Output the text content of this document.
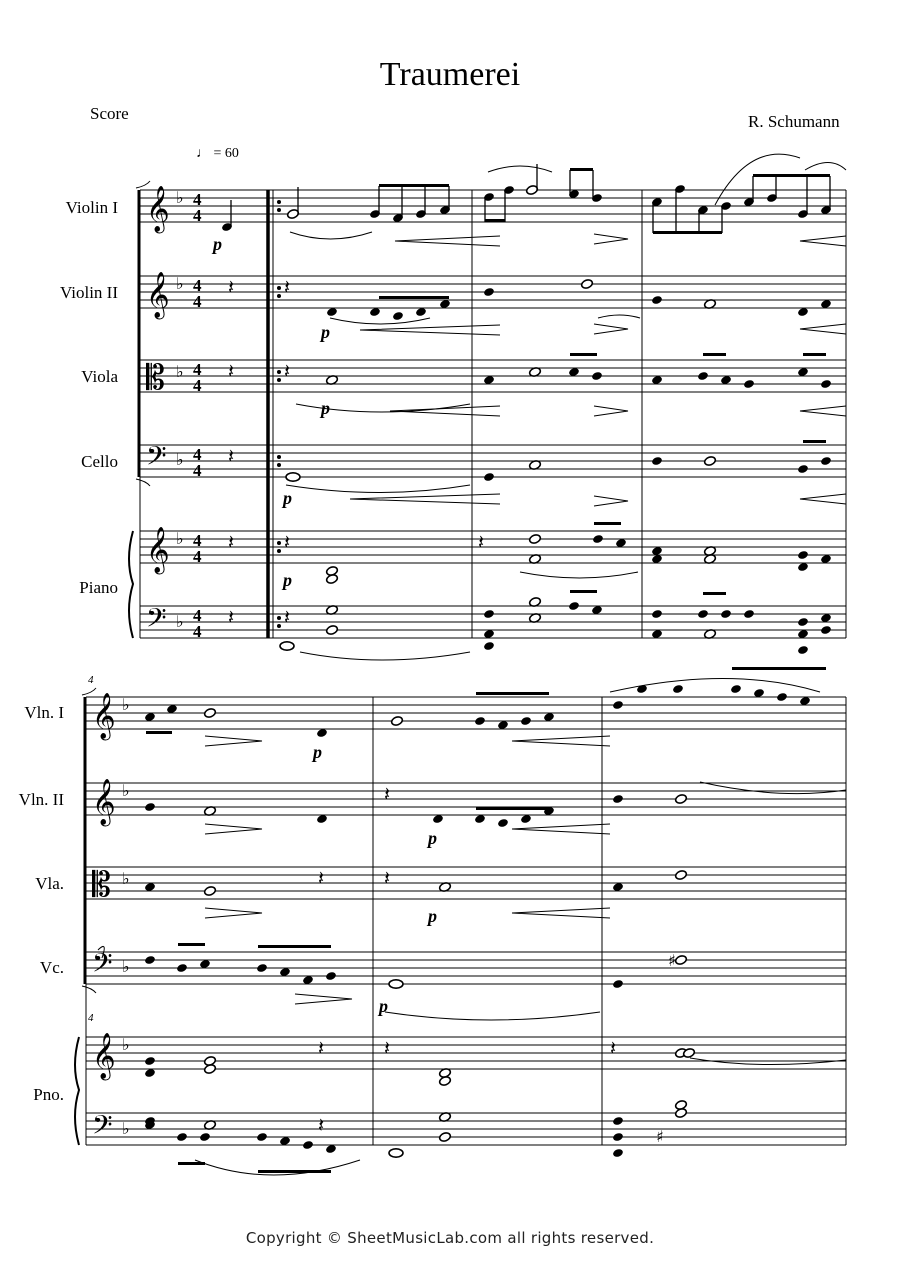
Traumerei
Score	R. Schumann
♩ = 60
Violin I
Violin II
Viola
Cello
Piano
Vln. I
Vln. II
Vla.
Vc.
Pno.
4
4
p
p
p
p
p
p
p
p
p
Copyright © SheetMusicLab.com all rights reserved.
𝄞
𝄞
𝄡
𝄢
𝄞
𝄢
𝄞
𝄞
𝄡
𝄢
𝄞
𝄢
♭
♭
♭
♭
♭
♭
♭
♭
♭
♭
♭
♭
4
4
4
4
4
4
4
4
4
4
4
4
𝄽
𝄽
𝄽
𝄽
𝄽
𝄽
𝄽
𝄽
𝄽
𝄽
𝄽
𝄽
𝄽
𝄽	𝄽	𝄽
𝄽
♯
♯
